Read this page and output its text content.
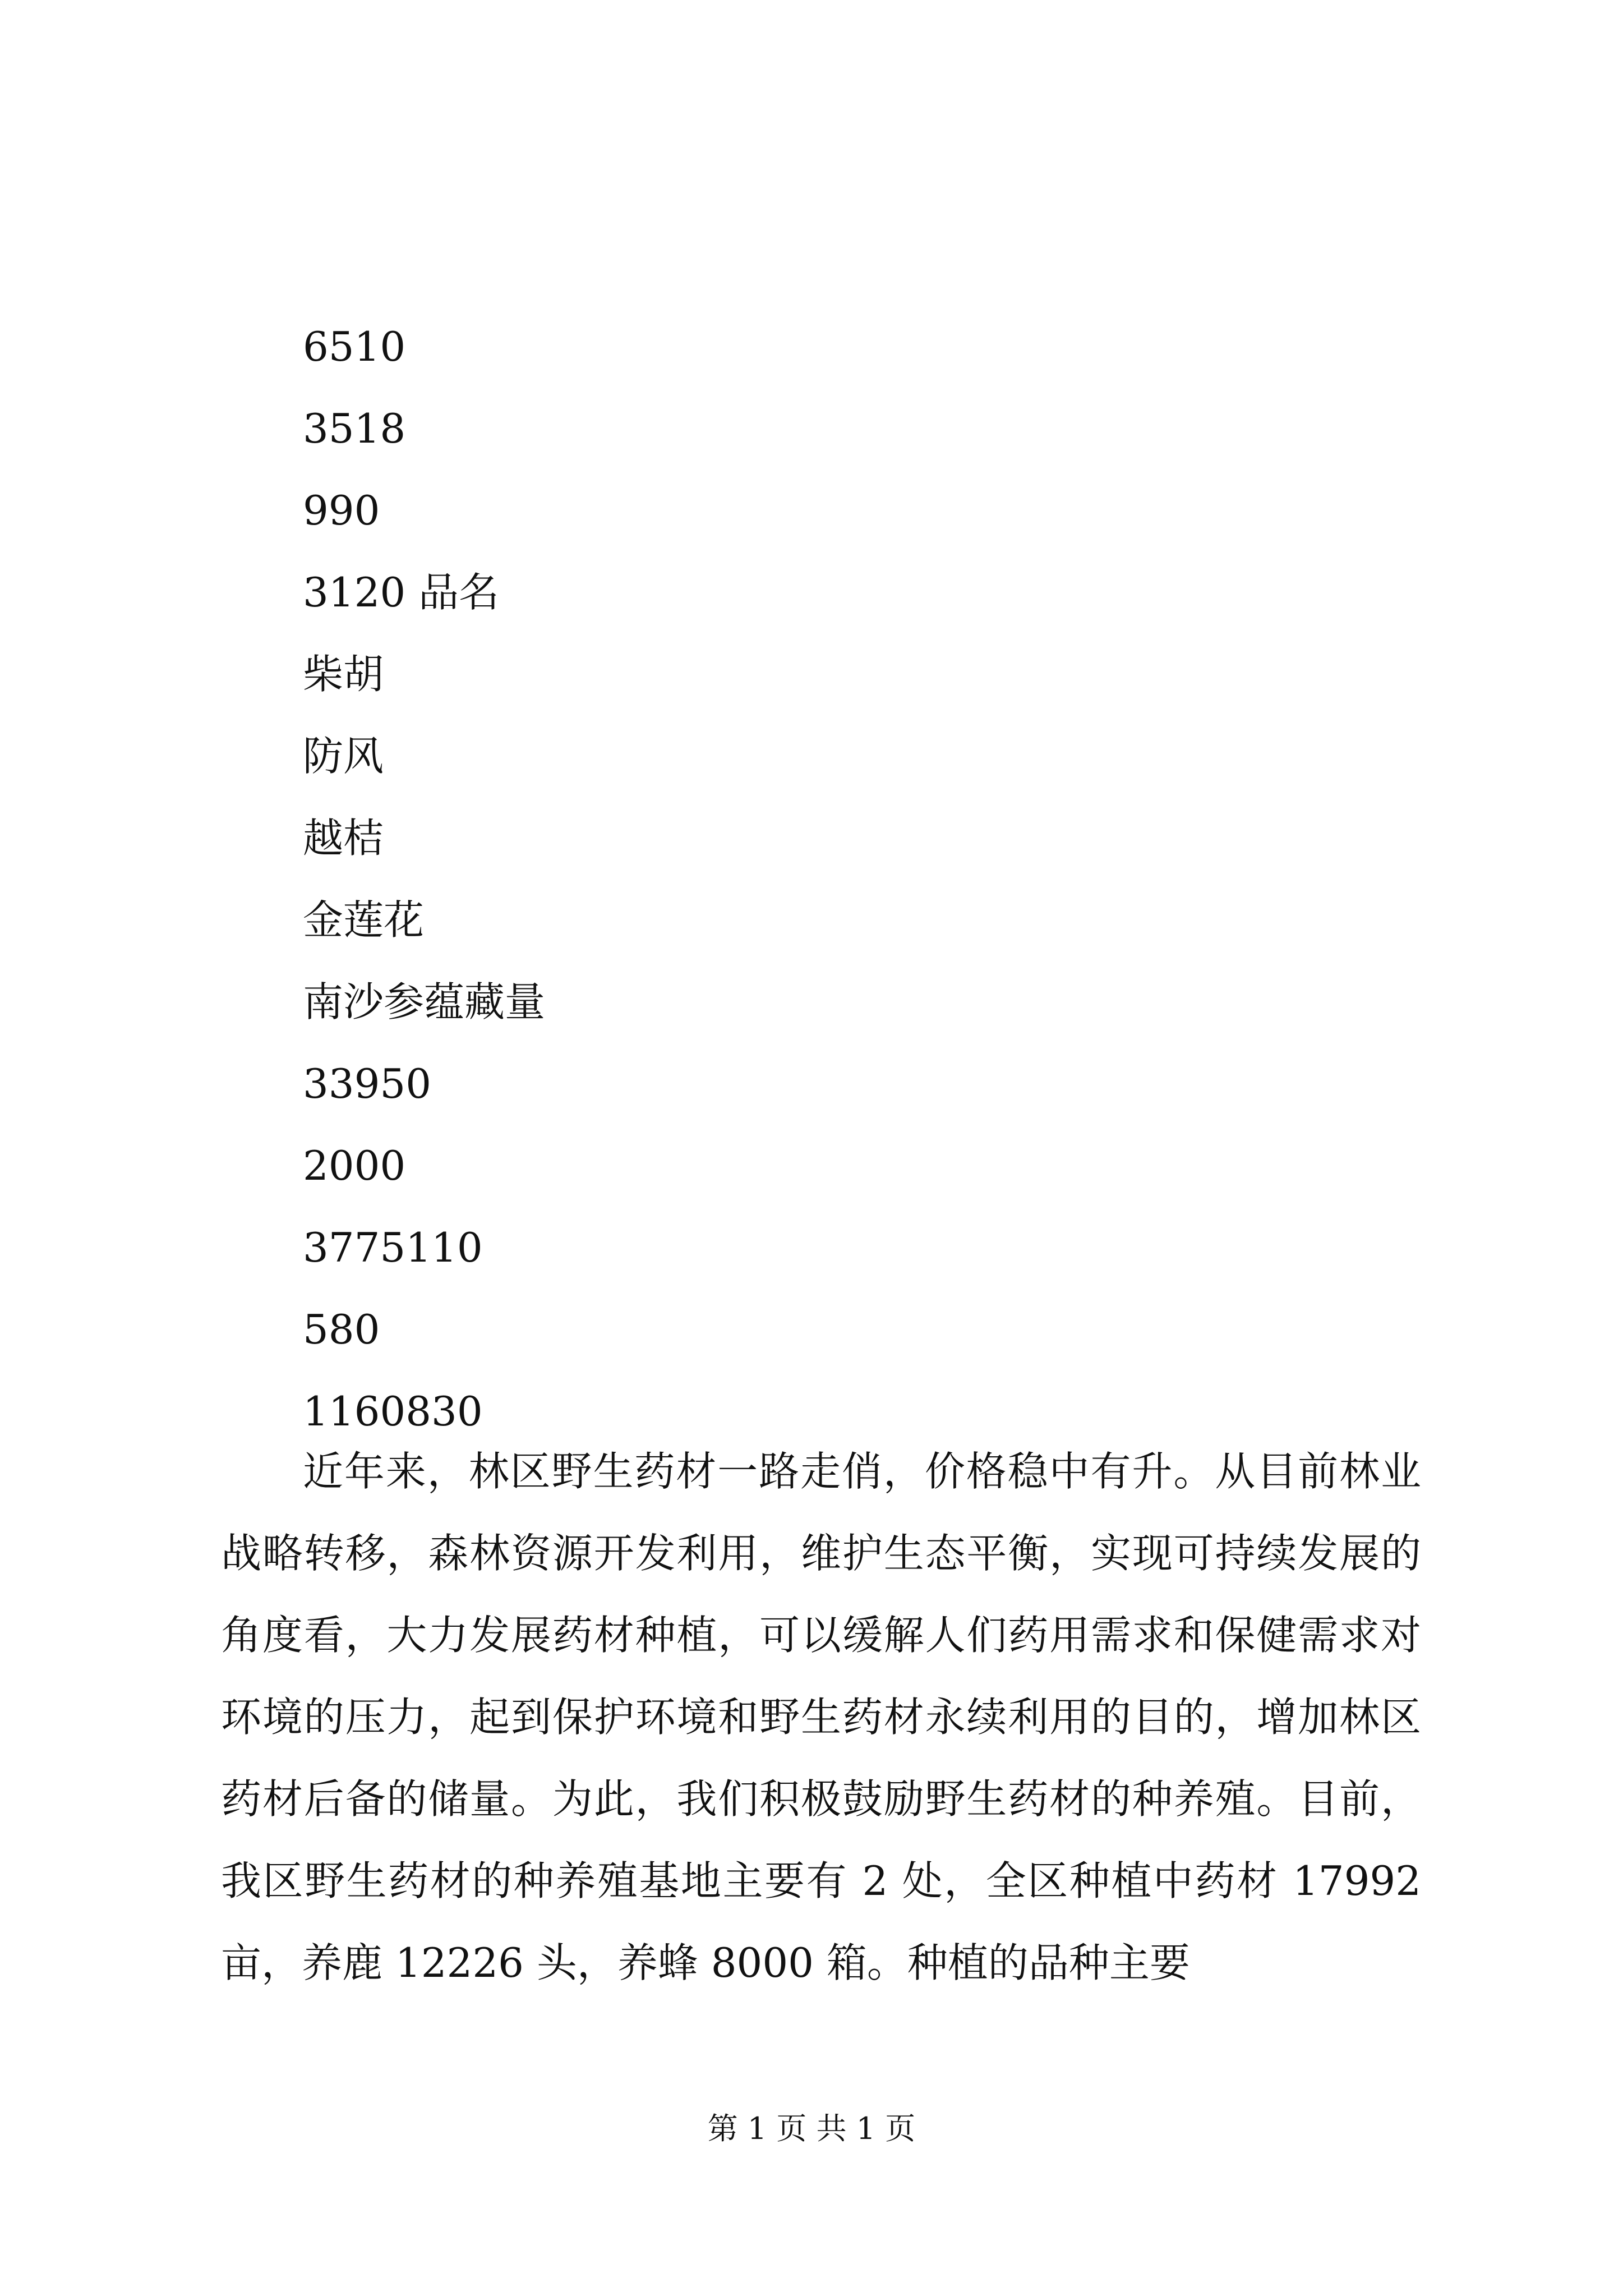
6510
3518
990
3120 品名
柴胡
防风
越桔
金莲花
南沙参蕴藏量
33950
2000
3775110
580
1160830

近年来，林区野生药材一路走俏，价格稳中有升。从目前林业战略转移，森林资源开发利用，维护生态平衡，实现可持续发展的角度看，大力发展药材种植，可以缓解人们药用需求和保健需求对环境的压力，起到保护环境和野生药材永续利用的目的，增加林区药材后备的储量。为此，我们积极鼓励野生药材的种养殖。目前，我区野生药材的种养殖基地主要有 2 处，全区种植中药材 17992 亩，养鹿 12226 头，养蜂 8000 箱。种植的品种主要

第 1 页 共 1 页
